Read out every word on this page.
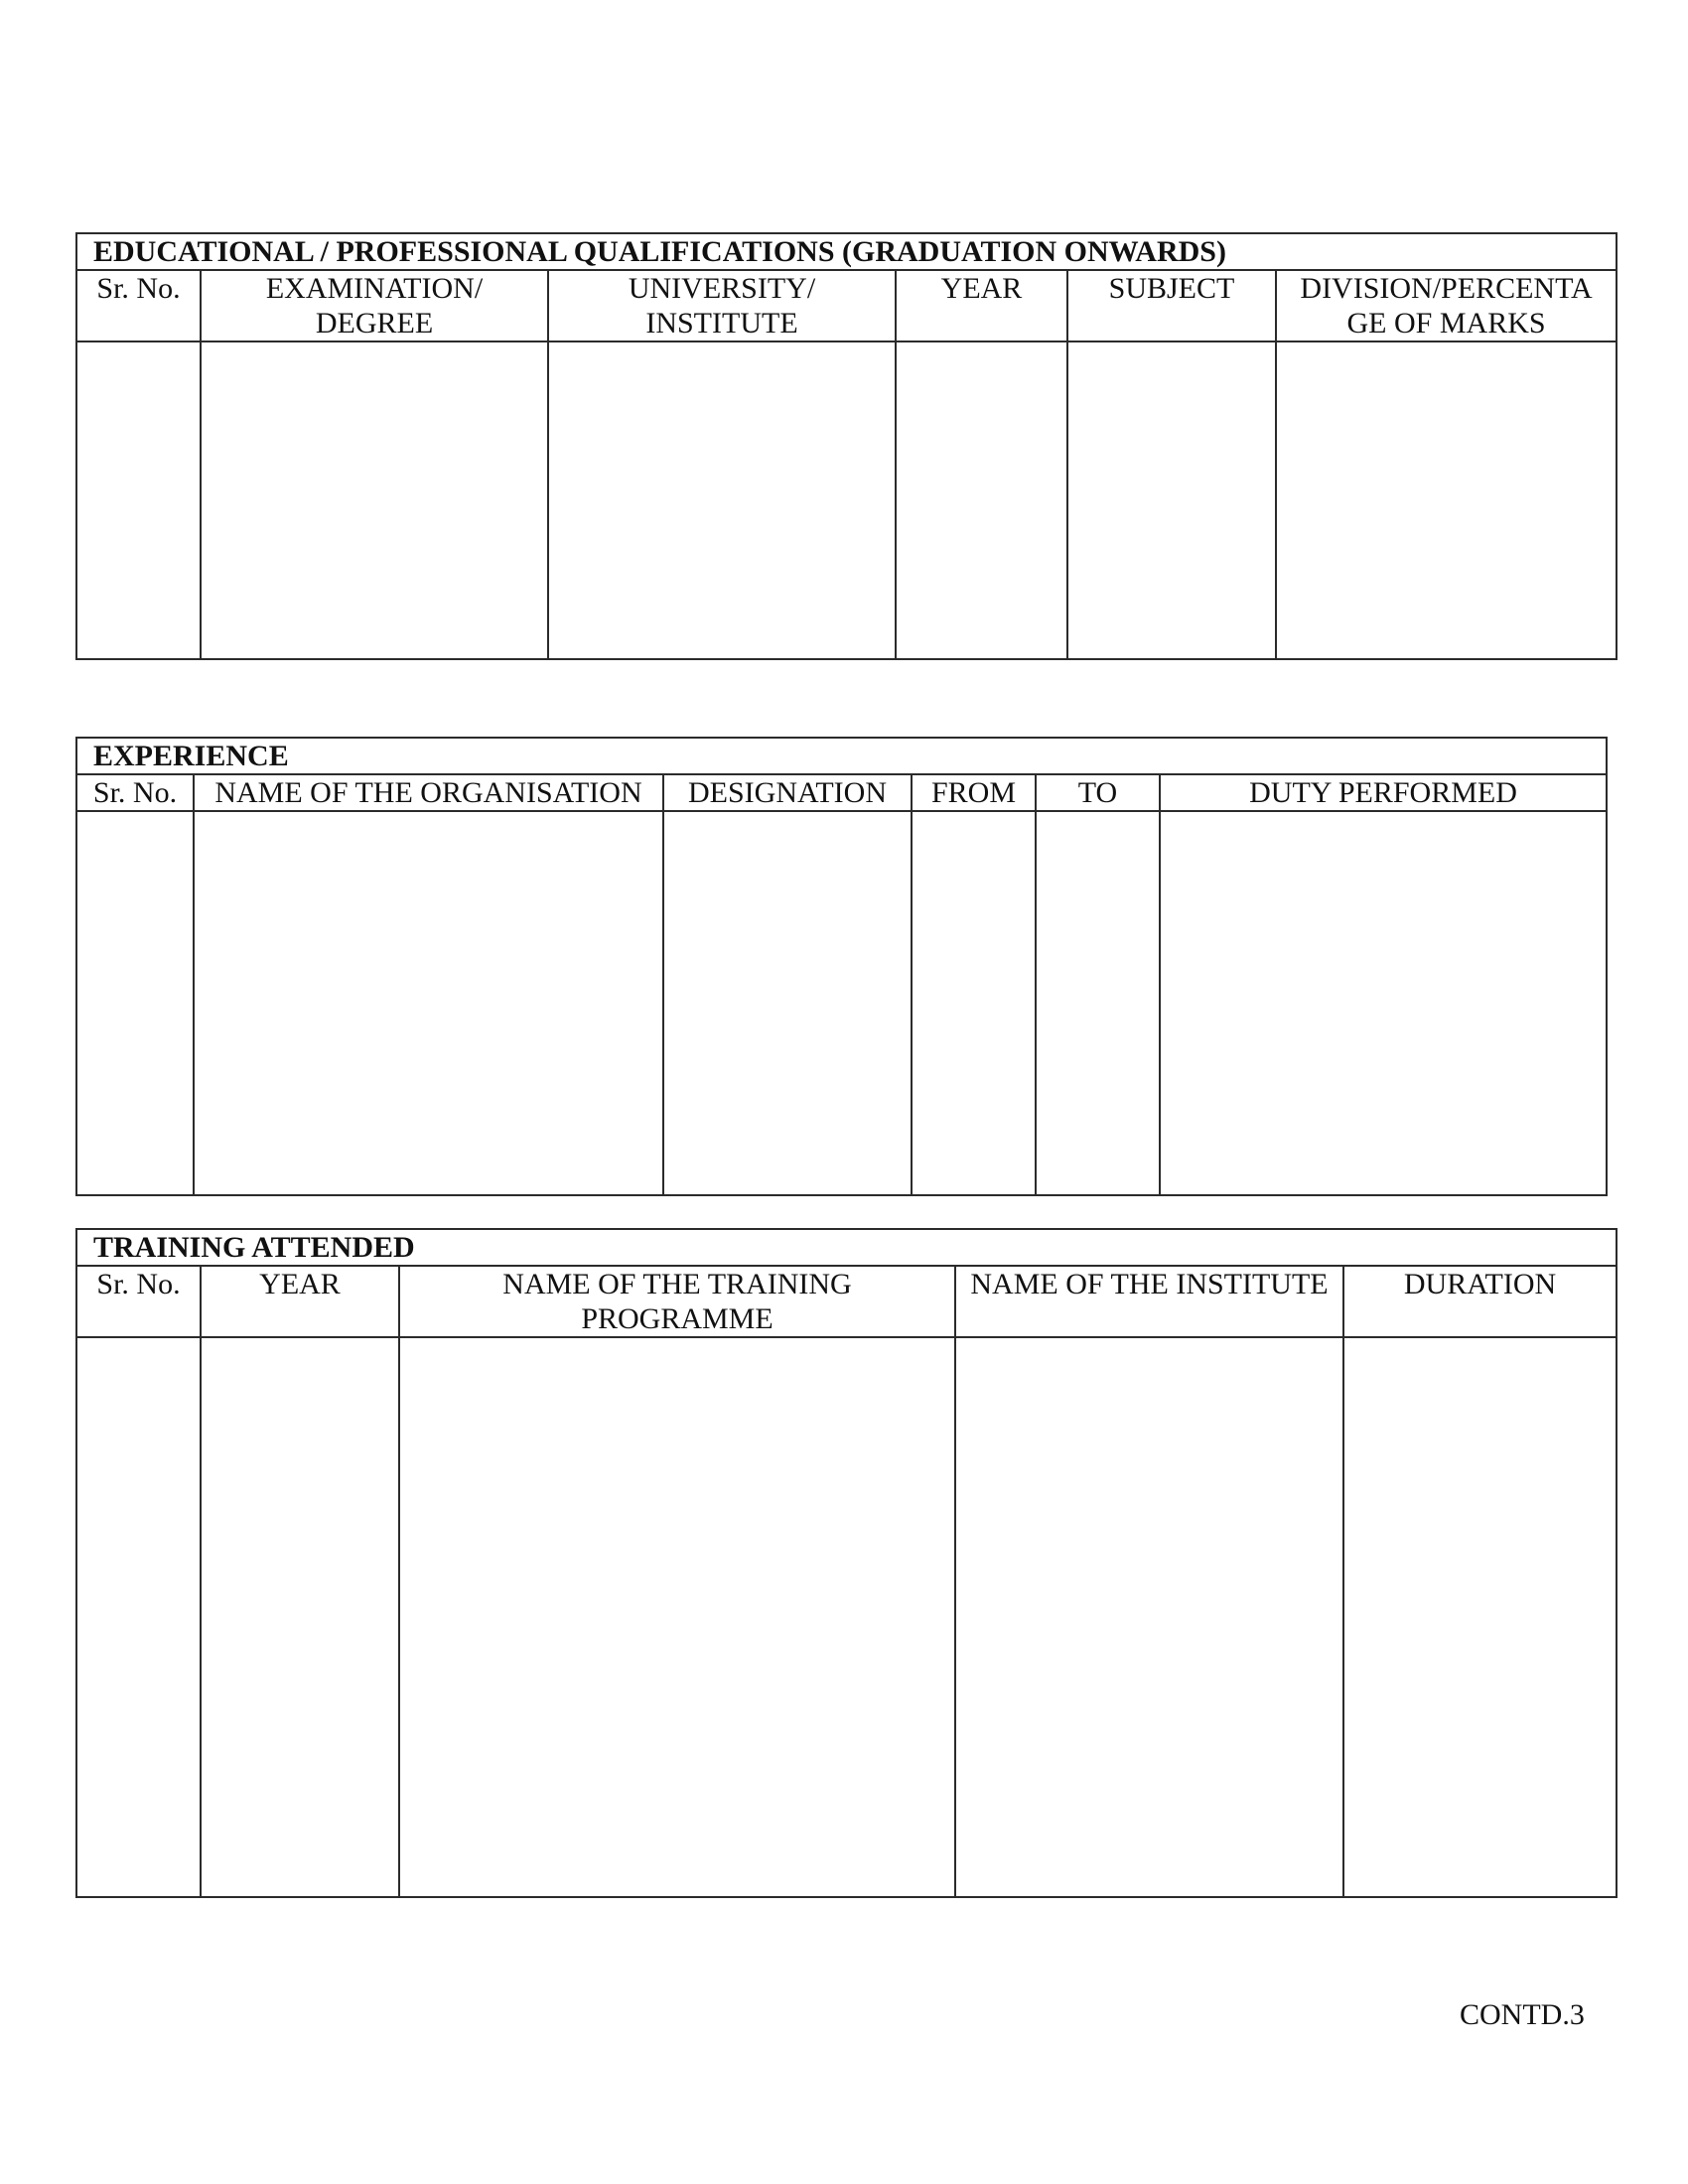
EDUCATIONAL / PROFESSIONAL QUALIFICATIONS (GRADUATION ONWARDS)					
Sr. No.	EXAMINATION/ DEGREE	UNIVERSITY/ INSTITUTE	YEAR	SUBJECT	DIVISION/PERCENTA GE OF MARKS

EXPERIENCE					
Sr. No.	NAME OF THE ORGANISATION	DESIGNATION	FROM	TO	DUTY PERFORMED

TRAINING ATTENDED				
Sr. No.	YEAR	NAME OF THE TRAINING PROGRAMME	NAME OF THE INSTITUTE	DURATION

CONTD.3
